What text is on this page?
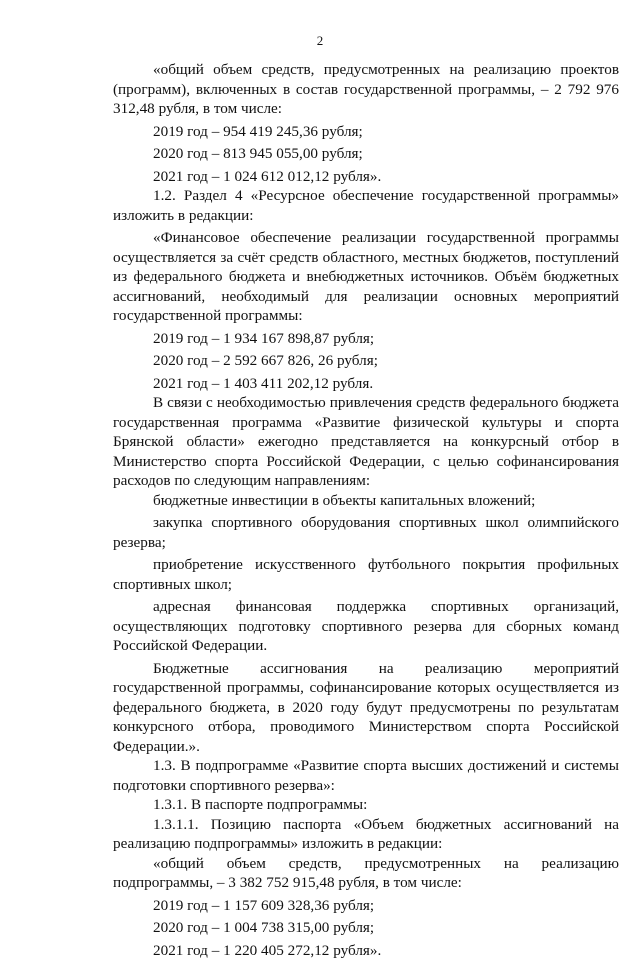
2

«общий объем средств, предусмотренных на реализацию проектов (программ), включенных в состав государственной программы, – 2 792 976 312,48 рубля, в том числе:

2019 год – 954 419 245,36 рубля;

2020 год – 813 945 055,00 рубля;

2021 год – 1 024 612 012,12 рубля».

1.2. Раздел 4 «Ресурсное обеспечение государственной программы» изложить в редакции:

«Финансовое обеспечение реализации государственной программы осуществляется за счёт средств областного, местных бюджетов, поступлений из федерального бюджета и внебюджетных источников. Объём бюджетных ассигнований, необходимый для реализации основных мероприятий государственной программы:

2019 год – 1 934 167 898,87 рубля;

2020 год – 2 592 667 826, 26 рубля;

2021 год – 1 403 411 202,12 рубля.

В связи с необходимостью привлечения средств федерального бюджета государственная программа «Развитие физической культуры и спорта Брянской области» ежегодно представляется на конкурсный отбор в Министерство спорта Российской Федерации, с целью софинансирования расходов по следующим направлениям:

бюджетные инвестиции в объекты капитальных вложений;

закупка спортивного оборудования спортивных школ олимпийского резерва;

приобретение искусственного футбольного покрытия профильных спортивных школ;

адресная финансовая поддержка спортивных организаций, осуществляющих подготовку спортивного резерва для сборных команд Российской Федерации.

Бюджетные ассигнования на реализацию мероприятий государственной программы, софинансирование которых осуществляется из федерального бюджета, в 2020 году будут предусмотрены по результатам конкурсного отбора, проводимого Министерством спорта Российской Федерации.».

1.3. В подпрограмме «Развитие спорта высших достижений и системы подготовки спортивного резерва»:

1.3.1. В паспорте подпрограммы:

1.3.1.1. Позицию паспорта «Объем бюджетных ассигнований на реализацию подпрограммы» изложить в редакции:

«общий объем средств, предусмотренных на реализацию подпрограммы, – 3 382 752 915,48 рубля, в том числе:

2019 год – 1 157 609 328,36 рубля;

2020 год – 1 004 738 315,00 рубля;

2021 год – 1 220 405 272,12 рубля».
